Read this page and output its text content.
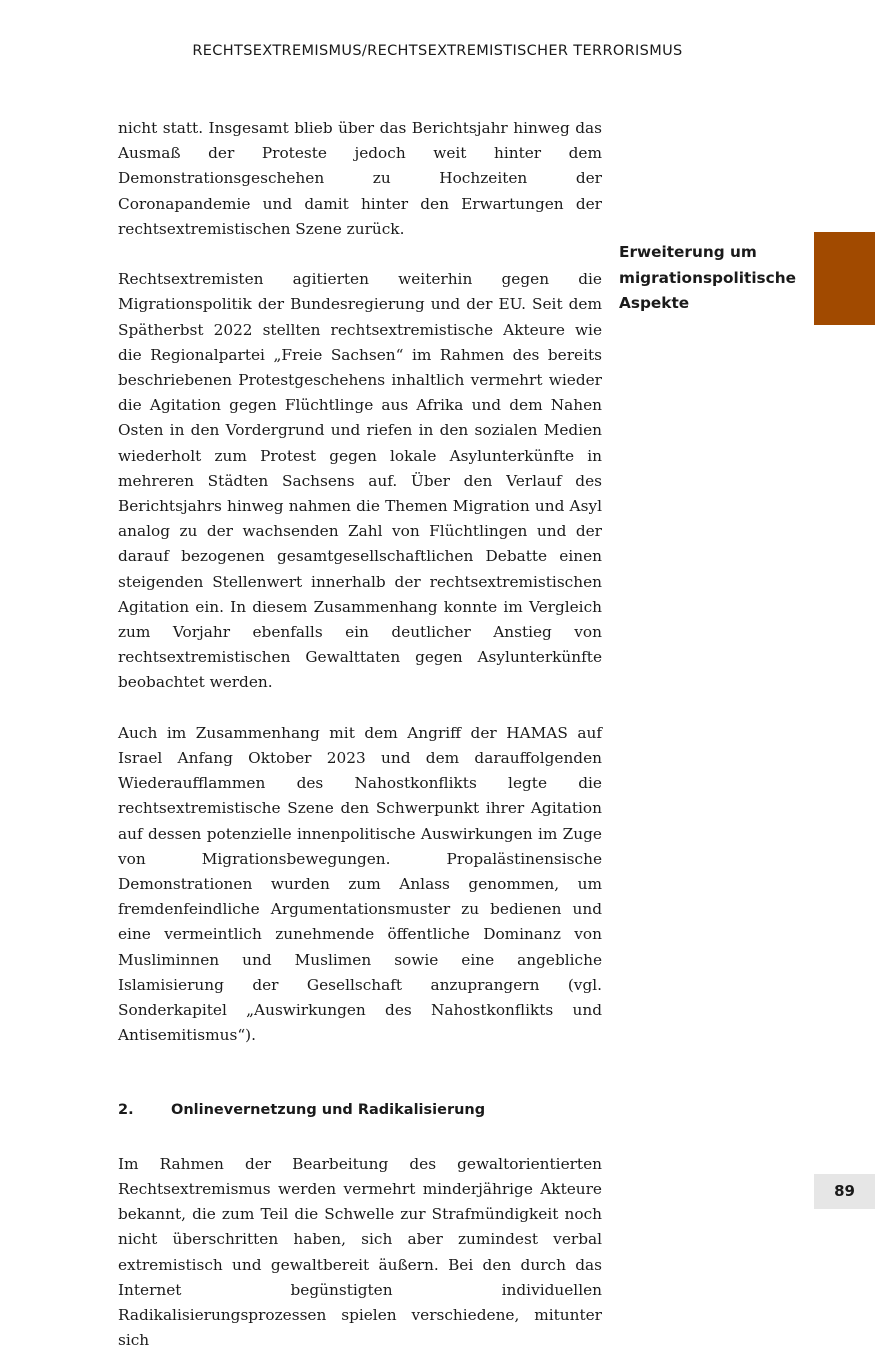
RECHTSEXTREMISMUS/RECHTSEXTREMISTISCHER TERRORISMUS

nicht statt. Insgesamt blieb über das Berichtsjahr hinweg das Ausmaß der Proteste jedoch weit hinter dem Demonstrationsgeschehen zu Hochzeiten der Coronapandemie und damit hinter den Erwartungen der rechtsextremistischen Szene zurück.

Rechtsextremisten agitierten weiterhin gegen die Migrationspolitik der Bundesregierung und der EU. Seit dem Spätherbst 2022 stellten rechtsextremistische Akteure wie die Regionalpartei „Freie Sachsen“ im Rahmen des bereits beschriebenen Protestgeschehens inhaltlich vermehrt wieder die Agitation gegen Flüchtlinge aus Afrika und dem Nahen Osten in den Vordergrund und riefen in den sozialen Medien wiederholt zum Protest gegen lokale Asylunterkünfte in mehreren Städten Sachsens auf. Über den Verlauf des Berichtsjahrs hinweg nahmen die Themen Migration und Asyl analog zu der wachsenden Zahl von Flüchtlingen und der darauf bezogenen gesamtgesellschaftlichen Debatte einen steigenden Stellenwert innerhalb der rechtsextremistischen Agitation ein. In diesem Zusammenhang konnte im Vergleich zum Vorjahr ebenfalls ein deutlicher Anstieg von rechtsextremistischen Gewalttaten gegen Asylunterkünfte beobachtet werden.

Auch im Zusammenhang mit dem Angriff der HAMAS auf Israel Anfang Oktober 2023 und dem darauffolgenden Wiederaufflammen des Nahostkonflikts legte die rechtsextremistische Szene den Schwerpunkt ihrer Agitation auf dessen potenzielle innenpolitische Auswirkungen im Zuge von Migrationsbewegungen. Propalästinensische Demonstrationen wurden zum Anlass genommen, um fremdenfeindliche Argumentationsmuster zu bedienen und eine vermeintlich zunehmende öffentliche Dominanz von Musliminnen und Muslimen sowie eine angebliche Islamisierung der Gesellschaft anzuprangern (vgl. Sonderkapitel „Auswirkungen des Nahostkonflikts und Antisemitismus“).

2.	Onlinevernetzung und Radikalisierung

Im Rahmen der Bearbeitung des gewaltorientierten Rechtsextremismus werden vermehrt minderjährige Akteure bekannt, die zum Teil die Schwelle zur Strafmündigkeit noch nicht überschritten haben, sich aber zumindest verbal extremistisch und gewaltbereit äußern. Bei den durch das Internet begünstigten individuellen Radikalisierungsprozessen spielen verschiedene, mitunter sich

Erweiterung um
migrationspolitische
Aspekte
89
